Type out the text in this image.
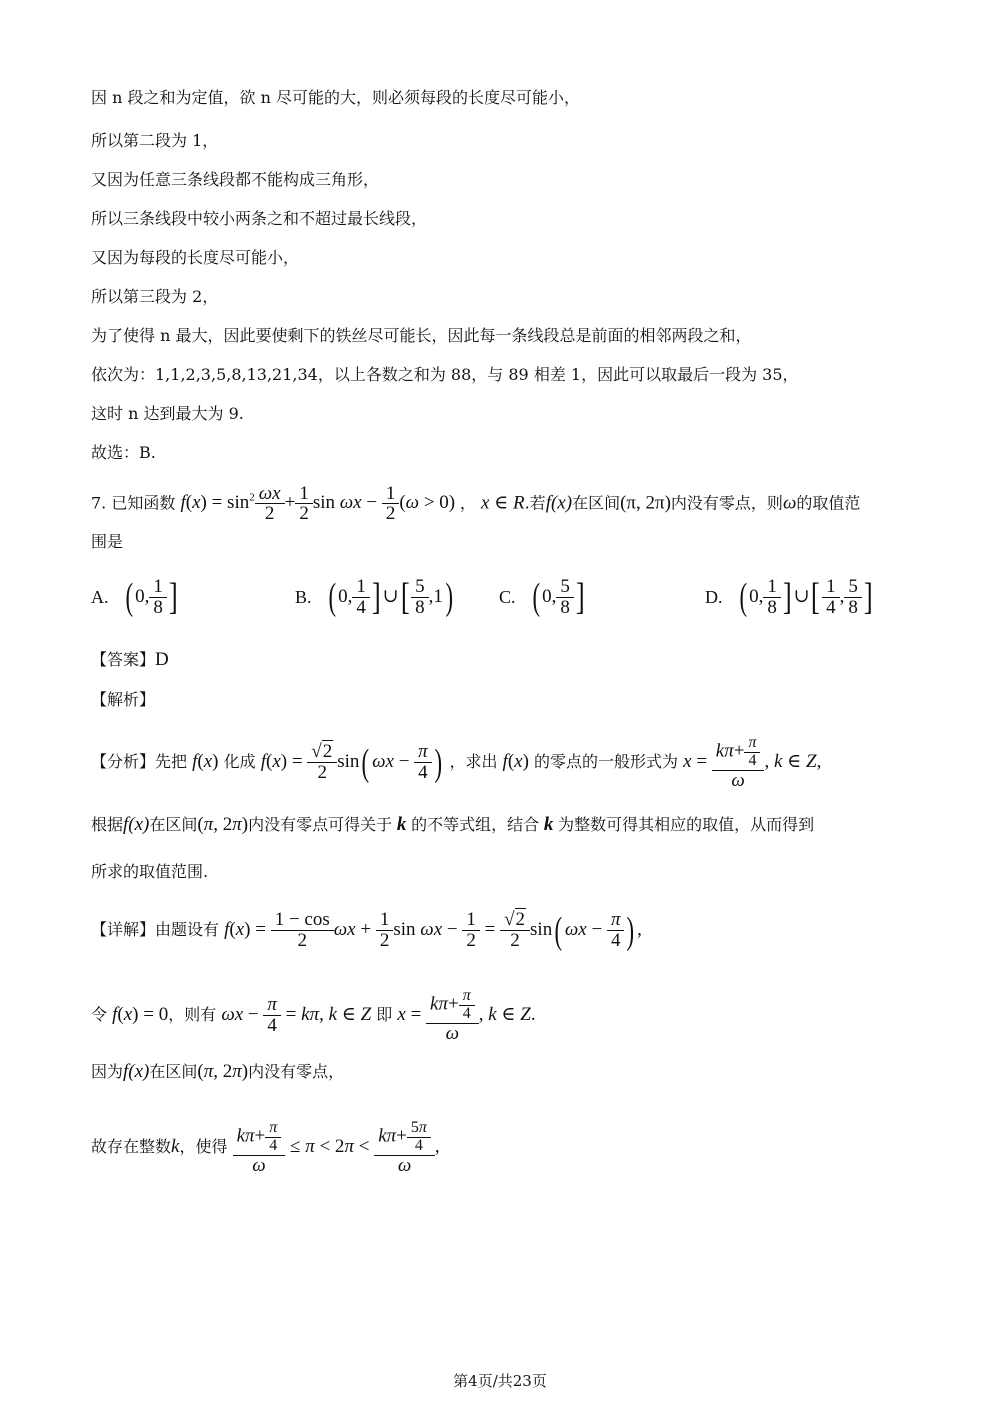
因 n 段之和为定值，欲 n 尽可能的大，则必须每段的长度尽可能小，
所以第二段为 1，
又因为任意三条线段都不能构成三角形，
所以三条线段中较小两条之和不超过最长线段，
又因为每段的长度尽可能小，
所以第三段为 2，
为了使得 n 最大，因此要使剩下的铁丝尽可能长，因此每一条线段总是前面的相邻两段之和，
依次为：1,1,2,3,5,8,13,21,34，以上各数之和为 88，与 89 相差 1，因此可以取最后一段为 35，
这时 n 达到最大为 9.
故选：B.
7. 已知函数 $f(x) = \sin^2 \frac{\omega x}{2} + \frac{1}{2}$ $\sin \omega x - \frac{1}{2} (\omega > 0)$ ， x ∈ R.若f(x)在区间(π, 2π)内没有零点，则ω的取值范
围是
A. ( 0, $\frac{1}{8}$ ]	B. ( 0, $\frac{1}{4}$ ]∪[ $\frac{5}{8} ,1$)	C. ( 0, $\frac{5}{8}$ ]	D. ( 0, $\frac{1}{8}$ ]∪[ $\frac{1}{4}$ , $\frac{5}{8}$ ]
【答案】D
【解析】
【分析】先把 f(x) 化成 $f(x) = \frac{√2}{2} \sin$( $\omega x - \frac{\pi}{4}$ ) ，求出 f(x) 的零点的一般形式为 $x = \frac{k\pi+ \frac{\pi}{4}}{\omega}$ , k ∈ Z,
根据f(x)在区间(π, 2π)内没有零点可得关于 k 的不等式组，结合 k 为整数可得其相应的取值，从而得到
所求的取值范围.
【详解】由题设有 $f(x) = \frac{1 - \cos}{2}$ $\omega x + \frac{1}{2}$ $\sin \omega x - \frac{1}{2} = \frac{√2}{2} \sin$( $\omega x - \frac{\pi}{4}$ ) ,
令 f(x) = 0，则有 $\omega x - \frac{\pi}{4} = k\pi$, k ∈ Z 即 $x = \frac{k\pi+ \frac{\pi}{4}}{\omega}$ , k ∈ Z.
因为f(x)在区间(π, 2π)内没有零点，
故存在整数k，使得 $\frac{k\pi+ \frac{\pi}{4}}{\omega} \le \pi < 2\pi < \frac{k\pi+ \frac{5\pi}{4}}{\omega}$ ,
第4页/共23页
